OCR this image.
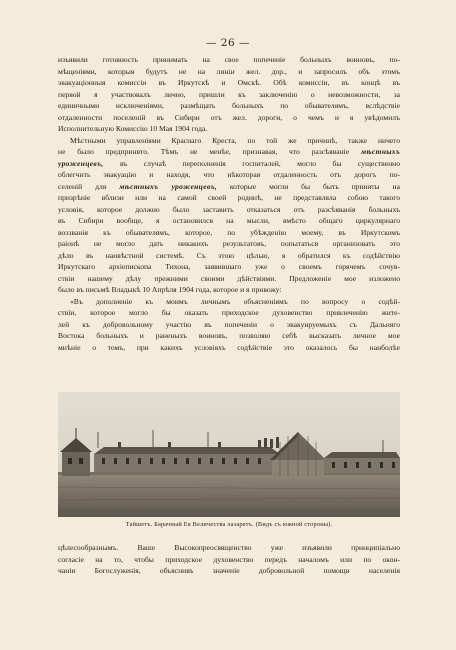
— 26 —
изъявили готовность принимать на свое попеченіе больныхъ воиновъ, по-
мѣщеніями, которыя будутъ не на линіи жел. дор., и запросилъ объ этомъ
эвакуаціонныя комиссіи въ Иркутскѣ и Омскѣ. Обѣ комиссіи, въ концѣ въ
первой я участвовалъ лично, пришли къ заключенію о невозможности, за
единичными исключеніями, размѣщать больныхъ по обывателямъ, вслѣдствіе
отдаленности поселеній въ Сибири отъ жел. дороги, о чемъ и я увѣдомилъ
Исполнительную Комиссію 10 Мая 1904 года.
Мѣстными управленіями Краснаго Креста, по той же причинѣ, также ничего
не было предпринято. Тѣмъ не менѣе, признавая, что разсѣяваніе мѣстныхъ
уроженцевъ, въ случаѣ переполненія госпиталей, могло бы существенно
облегчить эвакуацію и находя, что нѣкоторая отдаленность отъ дорогъ по-
селеній для мѣстныхъ уроженцевъ, которые могли бы быть приняты на
призрѣніе вблизи или на самой своей родинѣ, не представляла собою такого
условія, которое должно было заставить отказаться отъ разсѣяванія больныхъ
въ Сибири вообще, я остановился на мысли, вмѣсто общаго циркулярнаго
воззванія къ обывателямъ, которое, по убѣжденію моему, въ Иркутскомъ
раіонѣ не могло дать никакихъ результатовъ, попытаться организовать это
дѣло въ наивѣстной системѣ. Съ этою цѣлью, я обратился къ содѣйствію
Иркутскаго архіепископа Тихона, заявившаго уже о своемъ горячемъ сочув-
ствіи нашему дѣлу прежними своими дѣйствіями. Предложеніе мое изложено
было въ письмѣ Владыкѣ 10 Апрѣля 1904 года, которое и я привожу:
«Въ дополненіе къ моимъ личнымъ объясненіямъ по вопросу о содѣй-
ствіи, которое могло бы оказать приходское духовенство привлеченію жите-
лей къ добровольному участію въ попеченіи о эвакуируемыхъ съ Дальняго
Востока больныхъ и раненыхъ воиновъ, позволяю себѣ высказать личное мое
мнѣніе о томъ, при какихъ условіяхъ содѣйствіе это оказалось бы наиболѣе
Тайшетъ. Барачный Ея Величества лазаретъ. (Видъ съ южной стороны).
цѣлесообразнымъ. Ваше Высокопреосвященство уже изъявили принципіально
согласіе на то, чтобы приходское духовенство передъ началомъ или по окон-
чаніи Богослуженія, объяснивъ значеніе добровольной помощи населенія
